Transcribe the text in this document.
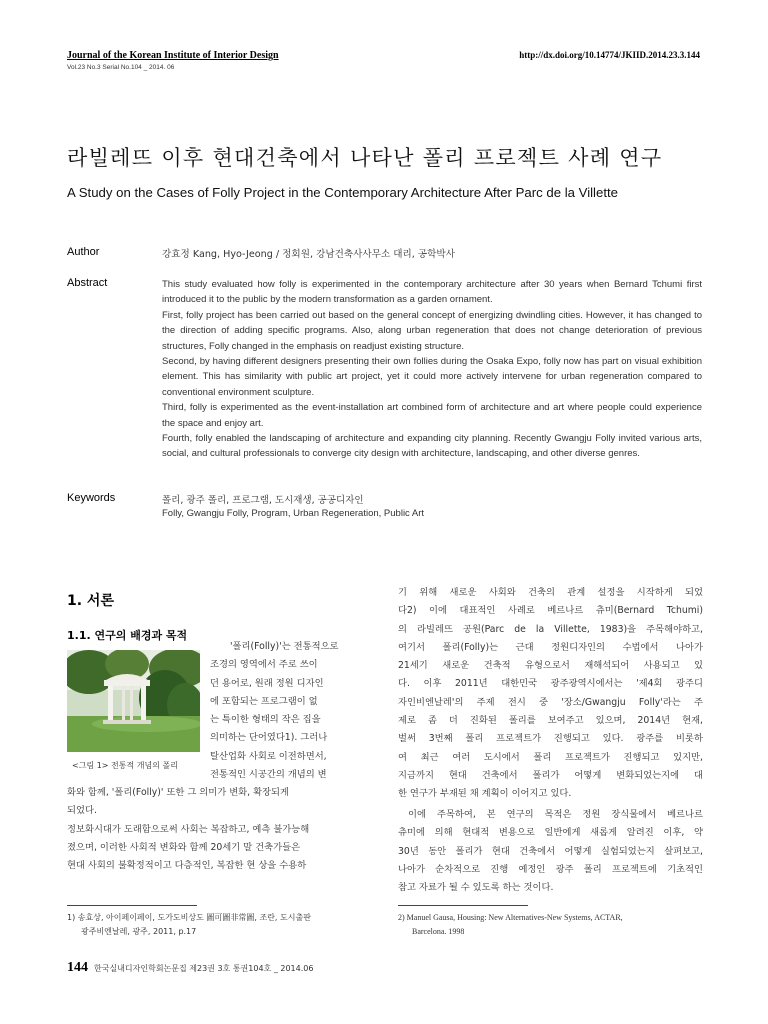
Journal of the Korean Institute of Interior Design
Vol.23 No.3 Serial No.104 _ 2014. 06
http://dx.doi.org/10.14774/JKIID.2014.23.3.144
라빌레뜨 이후 현대건축에서 나타난 폴리 프로젝트 사례 연구
A Study on the Cases of Folly Project in the Contemporary Architecture After Parc de la Villette
Author	강효정 Kang, Hyo-Jeong / 정회원, 강남건축사사무소 대리, 공학박사
Abstract	This study evaluated how folly is experimented in the contemporary architecture after 30 years when Bernard Tchumi first introduced it to the public by the modern transformation as a garden ornament.

First, folly project has been carried out based on the general concept of energizing dwindling cities. However, it has changed to the direction of adding specific programs. Also, along urban regeneration that does not change deterioration of previous structures, Folly changed in the emphasis on readjust existing structure.

Second, by having different designers presenting their own follies during the Osaka Expo, folly now has part on visual exhibition element. This has similarity with public art project, yet it could more actively intervene for urban regeneration compared to conventional environment sculpture.

Third, folly is experimented as the event-installation art combined form of architecture and art where people could experience the space and enjoy art.

Fourth, folly enabled the landscaping of architecture and expanding city planning. Recently Gwangju Folly invited various arts, social, and cultural professionals to converge city design with architecture, landscaping, and other diverse genres.

Keywords	폴리, 광주 폴리, 프로그램, 도시재생, 공공디자인
Folly, Gwangju Folly, Program, Urban Regeneration, Public Art
1. 서론
1.1. 연구의 배경과 목적
<그림 1> 전통적 개념의 폴리
'폴리(Folly)'는 전통적으로
조경의 영역에서 주로 쓰이
던 용어로, 원래 정원 디자인
에 포함되는 프로그램이 없
는 특이한 형태의 작은 집을
의미하는 단어였다1). 그러나
탈산업화 사회로 이전하면서,
전통적인 시공간의 개념의 변
화와 함께, '폴리(Folly)' 또한 그 의미가 변화, 확장되게
되었다.
정보화시대가 도래함으로써 사회는 복잡하고, 예측 불가능해
졌으며, 이러한 사회적 변화와 함께 20세기 말 건축가들은
현대 사회의 불확정적이고 다층적인, 복잡한 현 상을 수용하
기 위해 새로운 사회와 건축의 관계 설정을 시작하게 되었
다2) 이에 대표적인 사례로 베르나르 츄미(Bernard Tchumi)
의 라빌레뜨 공원(Parc de la Villette, 1983)을 주목해야하고,
여기서 폴리(Folly)는 근대 정원디자인의 수법에서 나아가
21세기 새로운 건축적 유형으로서 재해석되어 사용되고 있
다. 이후 2011년 대한민국 광주광역시에서는 '제4회 광주디
자인비엔날레'의 주제 전시 중 '장소/Gwangju Folly'라는 주
제로 좀 더 진화된 폴리를 보여주고 있으며, 2014년 현재,
벌써 3번째 폴리 프로젝트가 진행되고 있다. 광주를 비롯하
여 최근 여러 도시에서 폴리 프로젝트가 진행되고 있지만,
지금까지 현대 건축에서 폴리가 어떻게 변화되었는지에 대
한 연구가 부재된 채 계획이 이어지고 있다.
이에 주목하여, 본 연구의 목적은 정원 장식물에서 베르나르
츄미에 의해 현대적 변용으로 일반에게 새롭게 알려진 이후, 약
30년 동안 폴리가 현대 건축에서 어떻게 실험되었는지 살펴보고,
나아가 순차적으로 진행 예정인 광주 폴리 프로젝트에 기초적인
참고 자료가 될 수 있도록 하는 것이다.
1) 송효상, 아이페이페이, 도가도비상도 圖可圖非常圖, 조란, 도시출판
광주비엔날레, 광주, 2011, p.17
2) Manuel Gausa, Housing: New Alternatives-New Systems, ACTAR,
Barcelona. 1998
144 한국실내디자인학회논문집 제23권 3호 통권104호 _ 2014.06
